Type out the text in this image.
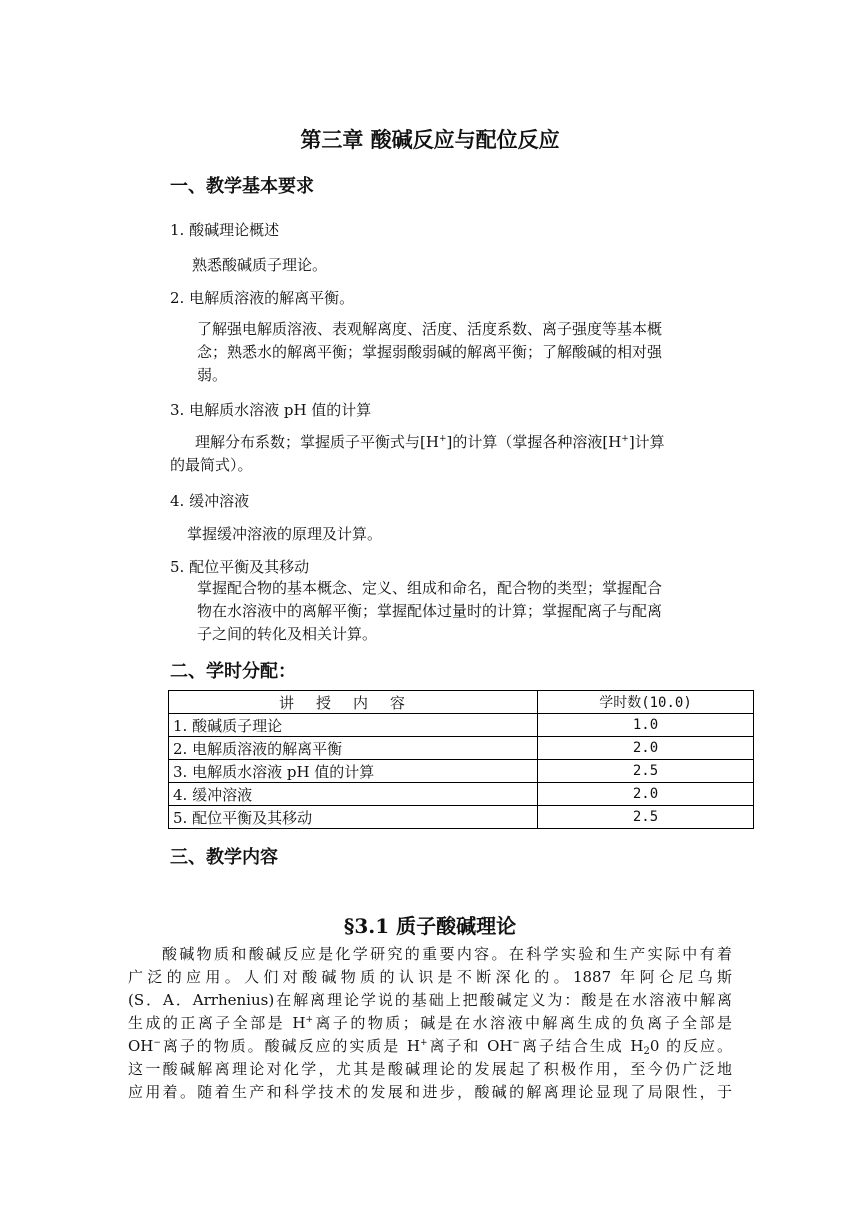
第三章 酸碱反应与配位反应
一、教学基本要求
1. 酸碱理论概述
熟悉酸碱质子理论。
2. 电解质溶液的解离平衡。
了解强电解质溶液、表观解离度、活度、活度系数、离子强度等基本概
念；熟悉水的解离平衡；掌握弱酸弱碱的解离平衡；了解酸碱的相对强
弱。
3. 电解质水溶液 pH 值的计算
理解分布系数；掌握质子平衡式与[H+]的计算（掌握各种溶液[H+]计算
的最简式）。
4. 缓冲溶液
掌握缓冲溶液的原理及计算。
5. 配位平衡及其移动
掌握配合物的基本概念、定义、组成和命名，配合物的类型；掌握配合
物在水溶液中的离解平衡；掌握配体过量时的计算；掌握配离子与配离
子之间的转化及相关计算。
二、学时分配：
讲授内容	学时数(10.0)
1. 酸碱质子理论	1.0
2. 电解质溶液的解离平衡	2.0
3. 电解质水溶液 pH 值的计算	2.5
4. 缓冲溶液	2.0
5. 配位平衡及其移动	2.5
三、教学内容
§3.1 质子酸碱理论
酸碱物质和酸碱反应是化学研究的重要内容。在科学实验和生产实际中有着
广泛的应用。人们对酸碱物质的认识是不断深化的。1887 年阿仑尼乌斯
(S．A．Arrhenius)在解离理论学说的基础上把酸碱定义为：酸是在水溶液中解离
生成的正离子全部是 H+离子的物质；碱是在水溶液中解离生成的负离子全部是
OH−离子的物质。酸碱反应的实质是 H+离子和 OH−离子结合生成 $H_20$ 的反应。
这一酸碱解离理论对化学，尤其是酸碱理论的发展起了积极作用，至今仍广泛地
应用着。随着生产和科学技术的发展和进步，酸碱的解离理论显现了局限性，于
